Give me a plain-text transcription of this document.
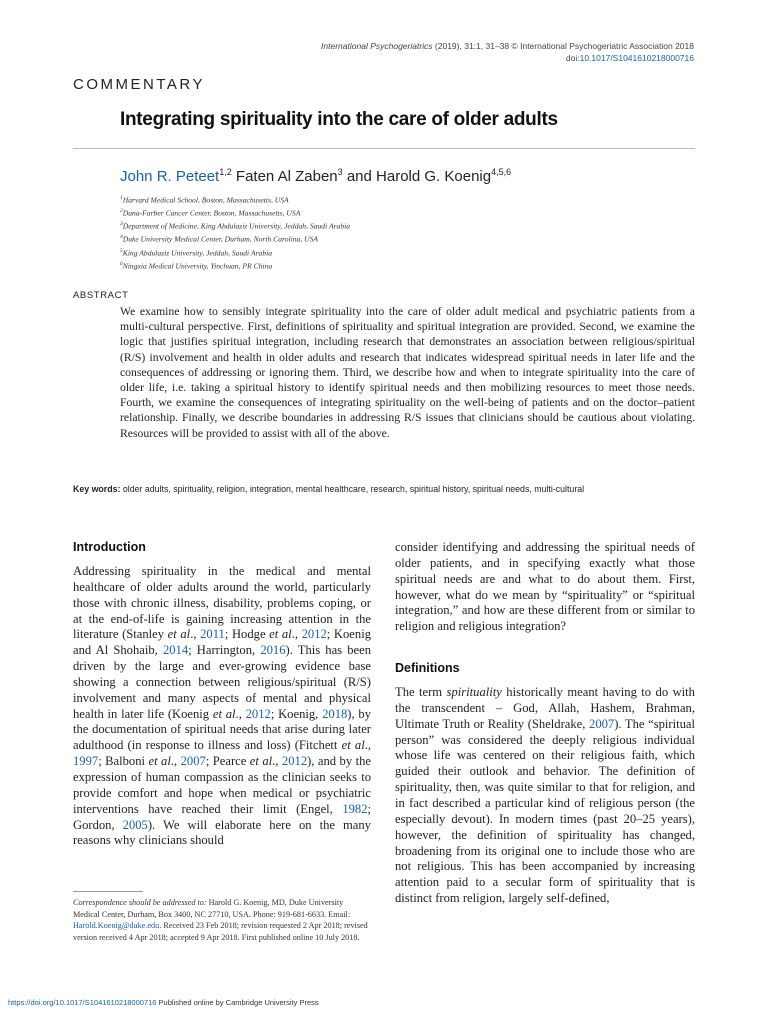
International Psychogeriatrics (2019), 31:1, 31–38 © International Psychogeriatric Association 2018
doi:10.1017/S1041610218000716
COMMENTARY
Integrating spirituality into the care of older adults
John R. Peteet$^{1,2}$ Faten Al Zaben$^3$ and Harold G. Koenig$^{4,5,6}$
$^1$Harvard Medical School, Boston, Massachusetts, USA
$^2$Dana-Farber Cancer Center, Boston, Massachusetts, USA
$^3$Department of Medicine, King Abdulaziz University, Jeddah, Saudi Arabia
$^4$Duke University Medical Center, Durham, North Carolina, USA
$^5$King Abdulaziz University, Jeddah, Saudi Arabia
$^6$Ningxia Medical University, Yinchuan, PR China
ABSTRACT

We examine how to sensibly integrate spirituality into the care of older adult medical and psychiatric patients from a multi-cultural perspective. First, definitions of spirituality and spiritual integration are provided. Second, we examine the logic that justifies spiritual integration, including research that demonstrates an association between religious/spiritual (R/S) involvement and health in older adults and research that indicates widespread spiritual needs in later life and the consequences of addressing or ignoring them. Third, we describe how and when to integrate spirituality into the care of older life, i.e. taking a spiritual history to identify spiritual needs and then mobilizing resources to meet those needs. Fourth, we examine the consequences of integrating spirituality on the well-being of patients and on the doctor–patient relationship. Finally, we describe boundaries in addressing R/S issues that clinicians should be cautious about violating. Resources will be provided to assist with all of the above.

Key words: older adults, spirituality, religion, integration, mental healthcare, research, spiritual history, spiritual needs, multi-cultural
Introduction

Addressing spirituality in the medical and mental healthcare of older adults around the world, particularly those with chronic illness, disability, problems coping, or at the end-of-life is gaining increasing attention in the literature (Stanley et al., 2011; Hodge et al., 2012; Koenig and Al Shohaib, 2014; Harrington, 2016). This has been driven by the large and ever-growing evidence base showing a connection between religious/spiritual (R/S) involvement and many aspects of mental and physical health in later life (Koenig et al., 2012; Koenig, 2018), by the documentation of spiritual needs that arise during later adulthood (in response to illness and loss) (Fitchett et al., 1997; Balboni et al., 2007; Pearce et al., 2012), and by the expression of human compassion as the clinician seeks to provide comfort and hope when medical or psychiatric interventions have reached their limit (Engel, 1982; Gordon, 2005). We will elaborate here on the many reasons why clinicians should

Correspondence should be addressed to: Harold G. Koenig, MD, Duke University Medical Center, Durham, Box 3400, NC 27710, USA. Phone: 919-681-6633. Email: Harold.Koenig@duke.edu. Received 23 Feb 2018; revision requested 2 Apr 2018; revised version received 4 Apr 2018; accepted 9 Apr 2018. First published online 10 July 2018.

consider identifying and addressing the spiritual needs of older patients, and in specifying exactly what those spiritual needs are and what to do about them. First, however, what do we mean by “spirituality” or “spiritual integration,” and how are these different from or similar to religion and religious integration?

Definitions

The term spirituality historically meant having to do with the transcendent – God, Allah, Hashem, Brahman, Ultimate Truth or Reality (Sheldrake, 2007). The “spiritual person” was considered the deeply religious individual whose life was centered on their religious faith, which guided their outlook and behavior. The definition of spirituality, then, was quite similar to that for religion, and in fact described a particular kind of religious person (the especially devout). In modern times (past 20–25 years), however, the definition of spirituality has changed, broadening from its original one to include those who are not religious. This has been accompanied by increasing attention paid to a secular form of spirituality that is distinct from religion, largely self-defined,

https://doi.org/10.1017/S1041610218000716 Published online by Cambridge University Press
